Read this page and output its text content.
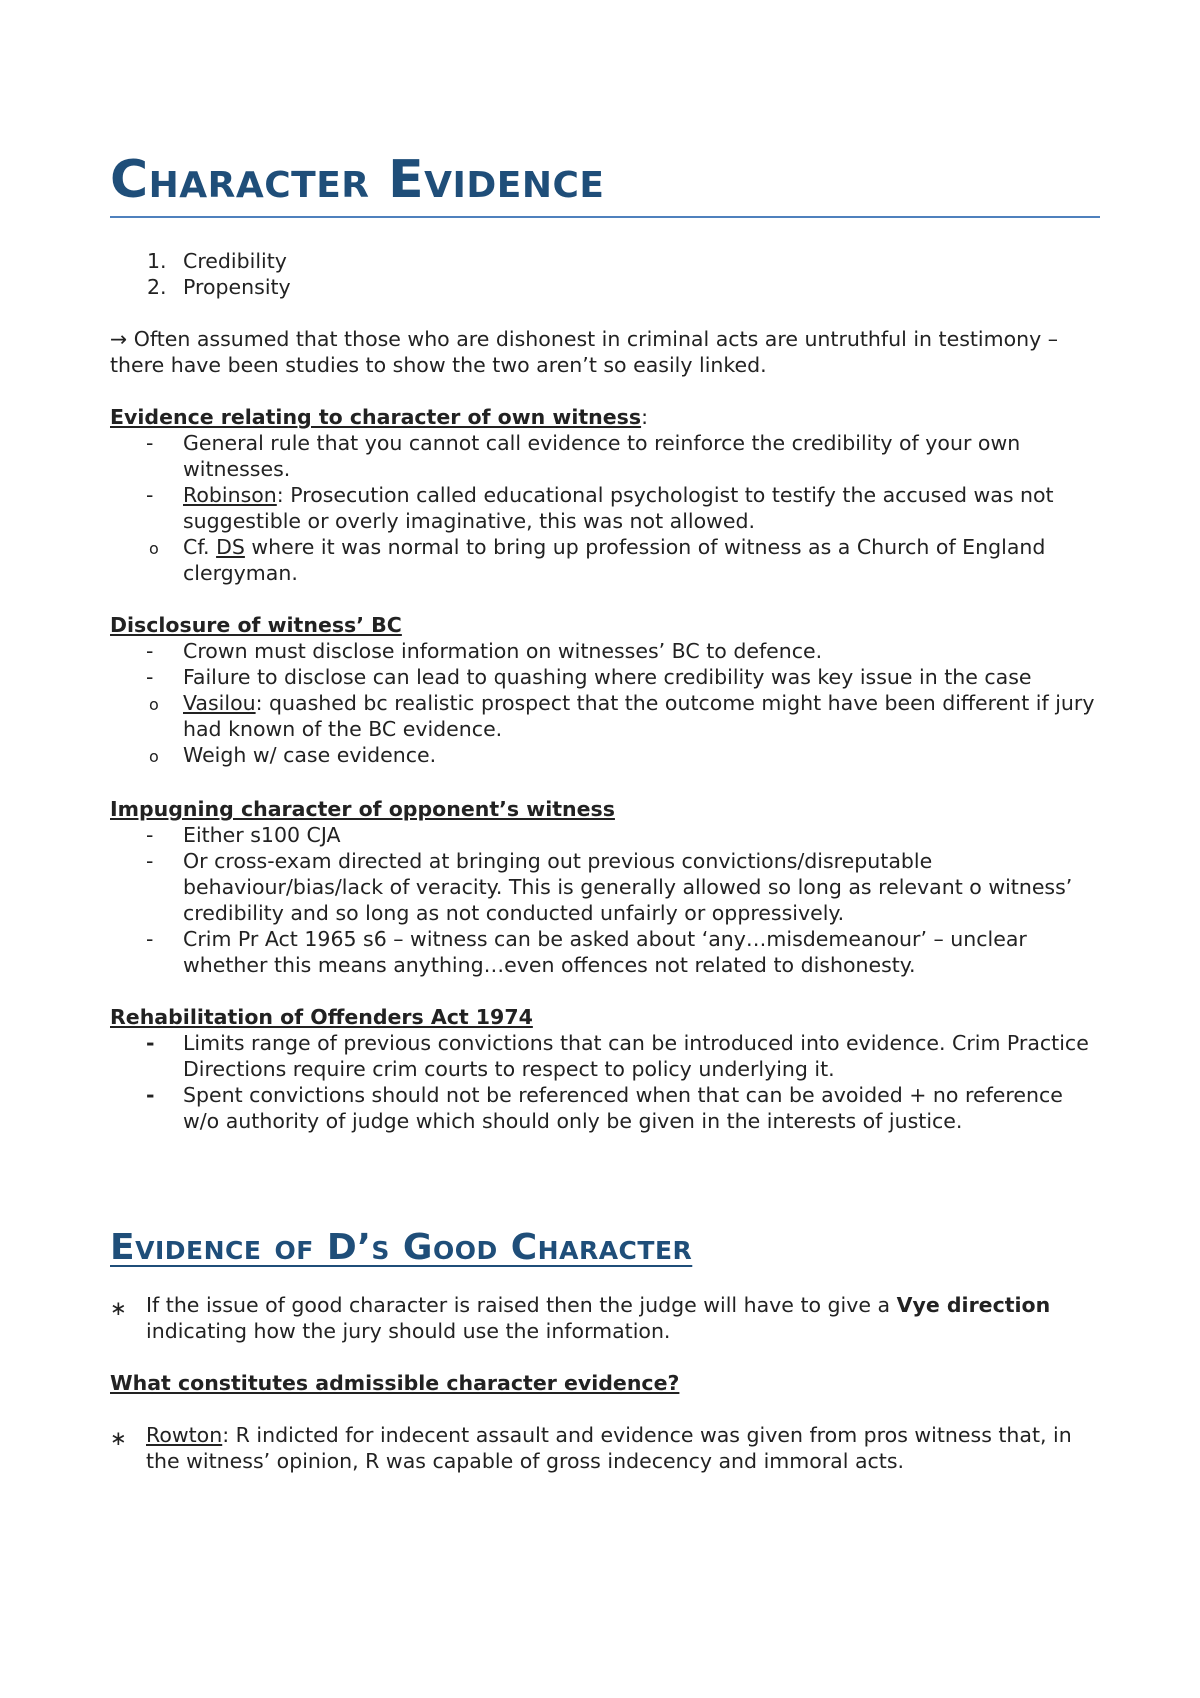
Character Evidence
1. Credibility
2. Propensity

→ Often assumed that those who are dishonest in criminal acts are untruthful in testimony – there have been studies to show the two aren’t so easily linked.

Evidence relating to character of own witness:

- General rule that you cannot call evidence to reinforce the credibility of your own witnesses.
- Robinson: Prosecution called educational psychologist to testify the accused was not suggestible or overly imaginative, this was not allowed.
o Cf. DS where it was normal to bring up profession of witness as a Church of England clergyman.

Disclosure of witness’ BC

- Crown must disclose information on witnesses’ BC to defence.
- Failure to disclose can lead to quashing where credibility was key issue in the case
o Vasilou: quashed bc realistic prospect that the outcome might have been different if jury had known of the BC evidence.
o Weigh w/ case evidence.

Impugning character of opponent’s witness

- Either s100 CJA
- Or cross-exam directed at bringing out previous convictions/disreputable behaviour/bias/lack of veracity. This is generally allowed so long as relevant o witness’ credibility and so long as not conducted unfairly or oppressively.
- Crim Pr Act 1965 s6 – witness can be asked about ‘any…misdemeanour’ – unclear whether this means anything…even offences not related to dishonesty.

Rehabilitation of Offenders Act 1974

- Limits range of previous convictions that can be introduced into evidence. Crim Practice Directions require crim courts to respect to policy underlying it.
- Spent convictions should not be referenced when that can be avoided + no reference w/o authority of judge which should only be given in the interests of justice.
Evidence of D’s Good Character
∗ If the issue of good character is raised then the judge will have to give a Vye direction indicating how the jury should use the information.

What constitutes admissible character evidence?

∗ Rowton: R indicted for indecent assault and evidence was given from pros witness that, in the witness’ opinion, R was capable of gross indecency and immoral acts.
